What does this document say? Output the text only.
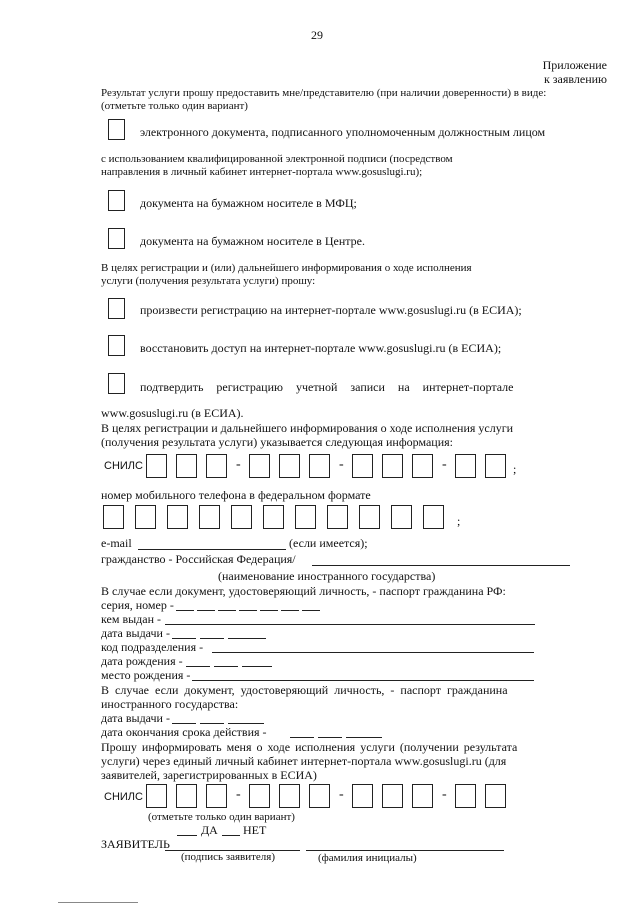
29
Приложение
к заявлению
Результат услуги прошу предоставить мне/представителю (при наличии доверенности) в виде:
(отметьте только один вариант)
электронного документа, подписанного уполномоченным должностным лицом
с использованием квалифицированной электронной подписи (посредством
направления в личный кабинет интернет-портала www.gosuslugi.ru);
документа на бумажном носителе в МФЦ;
документа на бумажном носителе в Центре.
В целях регистрации и (или) дальнейшего информирования о ходе исполнения
услуги (получения результата услуги) прошу:
произвести регистрацию на интернет-портале www.gosuslugi.ru (в ЕСИА);
восстановить доступ на интернет-портале www.gosuslugi.ru (в ЕСИА);
подтвердить регистрацию учетной записи на интернет-портале
www.gosuslugi.ru (в ЕСИА).
В целях регистрации и дальнейшего информирования о ходе исполнения услуги
(получения результата услуги) указывается следующая информация:
СНИЛС	-	-	-	;
номер мобильного телефона в федеральном формате
;
e-mail	(если имеется);
гражданство - Российская Федерация/
(наименование иностранного государства)
В случае если документ, удостоверяющий личность, - паспорт гражданина РФ:
серия, номер -
кем выдан -
дата выдачи -
код подразделения -
дата рождения -
место рождения -
В случае если документ, удостоверяющий личность, - паспорт гражданина
иностранного государства:
дата выдачи -
дата окончания срока действия -
Прошу информировать меня о ходе исполнения услуги (получении результата
услуги) через единый личный кабинет интернет-портала www.gosuslugi.ru (для
заявителей, зарегистрированных в ЕСИА)
СНИЛС	-	-	-
(отметьте только один вариант)
ДА НЕТ
ЗАЯВИТЕЛЬ
(подпись заявителя)	(фамилия инициалы)
